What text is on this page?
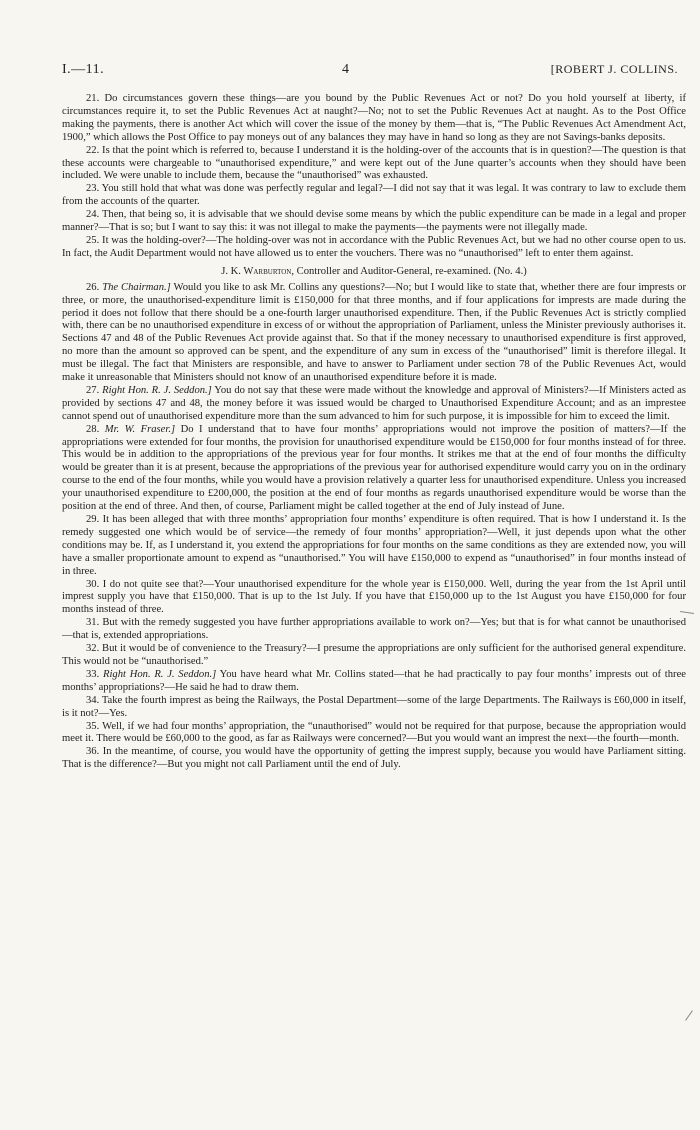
I.—11.	4	[ROBERT J. COLLINS.

21. Do circumstances govern these things—are you bound by the Public Revenues Act or not? Do you hold yourself at liberty, if circumstances require it, to set the Public Revenues Act at naught?—No; not to set the Public Revenues Act at naught. As to the Post Office making the payments, there is another Act which will cover the issue of the money by them—that is, “The Public Revenues Act Amendment Act, 1900,” which allows the Post Office to pay moneys out of any balances they may have in hand so long as they are not Savings-banks deposits.

22. Is that the point which is referred to, because I understand it is the holding-over of the accounts that is in question?—The question is that these accounts were chargeable to “unauthorised expenditure,” and were kept out of the June quarter’s accounts when they should have been included. We were unable to include them, because the “unauthorised” was exhausted.

23. You still hold that what was done was perfectly regular and legal?—I did not say that it was legal. It was contrary to law to exclude them from the accounts of the quarter.

24. Then, that being so, it is advisable that we should devise some means by which the public expenditure can be made in a legal and proper manner?—That is so; but I want to say this: it was not illegal to make the payments—the payments were not illegally made.

25. It was the holding-over?—The holding-over was not in accordance with the Public Revenues Act, but we had no other course open to us. In fact, the Audit Department would not have allowed us to enter the vouchers. There was no “unauthorised” left to enter them against.

J. K. Warburton, Controller and Auditor-General, re-examined. (No. 4.)

26. The Chairman.] Would you like to ask Mr. Collins any questions?—No; but I would like to state that, whether there are four imprests or three, or more, the unauthorised-expenditure limit is £150,000 for that three months, and if four applications for imprests are made during the period it does not follow that there should be a one-fourth larger unauthorised expenditure. Then, if the Public Revenues Act is strictly complied with, there can be no unauthorised expenditure in excess of or without the appropriation of Parliament, unless the Minister previously authorises it. Sections 47 and 48 of the Public Revenues Act provide against that. So that if the money necessary to unauthorised expenditure is first approved, no more than the amount so approved can be spent, and the expenditure of any sum in excess of the “unauthorised” limit is therefore illegal. It must be illegal. The fact that Ministers are responsible, and have to answer to Parliament under section 78 of the Public Revenues Act, would make it unreasonable that Ministers should not know of an unauthorised expenditure before it is made.

27. Right Hon. R. J. Seddon.] You do not say that these were made without the knowledge and approval of Ministers?—If Ministers acted as provided by sections 47 and 48, the money before it was issued would be charged to Unauthorised Expenditure Account; and as an impresteе cannot spend out of unauthorised expenditure more than the sum advanced to him for such purpose, it is impossible for him to exceed the limit.

28. Mr. W. Fraser.] Do I understand that to have four months’ appropriations would not improve the position of matters?—If the appropriations were extended for four months, the provision for unauthorised expenditure would be £150,000 for four months instead of for three. This would be in addition to the appropriations of the previous year for four months. It strikes me that at the end of four months the difficulty would be greater than it is at present, because the appropriations of the previous year for authorised expenditure would carry you on in the ordinary course to the end of the four months, while you would have a provision relatively a quarter less for unauthorised expenditure. Unless you increased your unauthorised expenditure to £200,000, the position at the end of four months as regards unauthorised expenditure would be worse than the position at the end of three. And then, of course, Parliament might be called together at the end of July instead of June.

29. It has been alleged that with three months’ appropriation four months’ expenditure is often required. That is how I understand it. Is the remedy suggested one which would be of service—the remedy of four months’ appropriation?—Well, it just depends upon what the other conditions may be. If, as I understand it, you extend the appropriations for four months on the same conditions as they are extended now, you will have a smaller proportionate amount to expend as “unauthorised.” You will have £150,000 to expend as “unauthorised” in four months instead of in three.

30. I do not quite see that?—Your unauthorised expenditure for the whole year is £150,000. Well, during the year from the 1st April until imprest supply you have that £150,000. That is up to the 1st July. If you have that £150,000 up to the 1st August you have £150,000 for four months instead of three.

31. But with the remedy suggested you have further appropriations available to work on?—Yes; but that is for what cannot be unauthorised—that is, extended appropriations.

32. But it would be of convenience to the Treasury?—I presume the appropriations are only sufficient for the authorised general expenditure. This would not be “unauthorised.”

33. Right Hon. R. J. Seddon.] You have heard what Mr. Collins stated—that he had practically to pay four months’ imprests out of three months’ appropriations?—He said he had to draw them.

34. Take the fourth imprest as being the Railways, the Postal Department—some of the large Departments. The Railways is £60,000 in itself, is it not?—Yes.

35. Well, if we had four months’ appropriation, the “unauthorised” would not be required for that purpose, because the appropriation would meet it. There would be £60,000 to the good, as far as Railways were concerned?—But you would want an imprest the next—the fourth—month.

36. In the meantime, of course, you would have the opportunity of getting the imprest supply, because you would have Parliament sitting. That is the difference?—But you might not call Parliament until the end of July.
